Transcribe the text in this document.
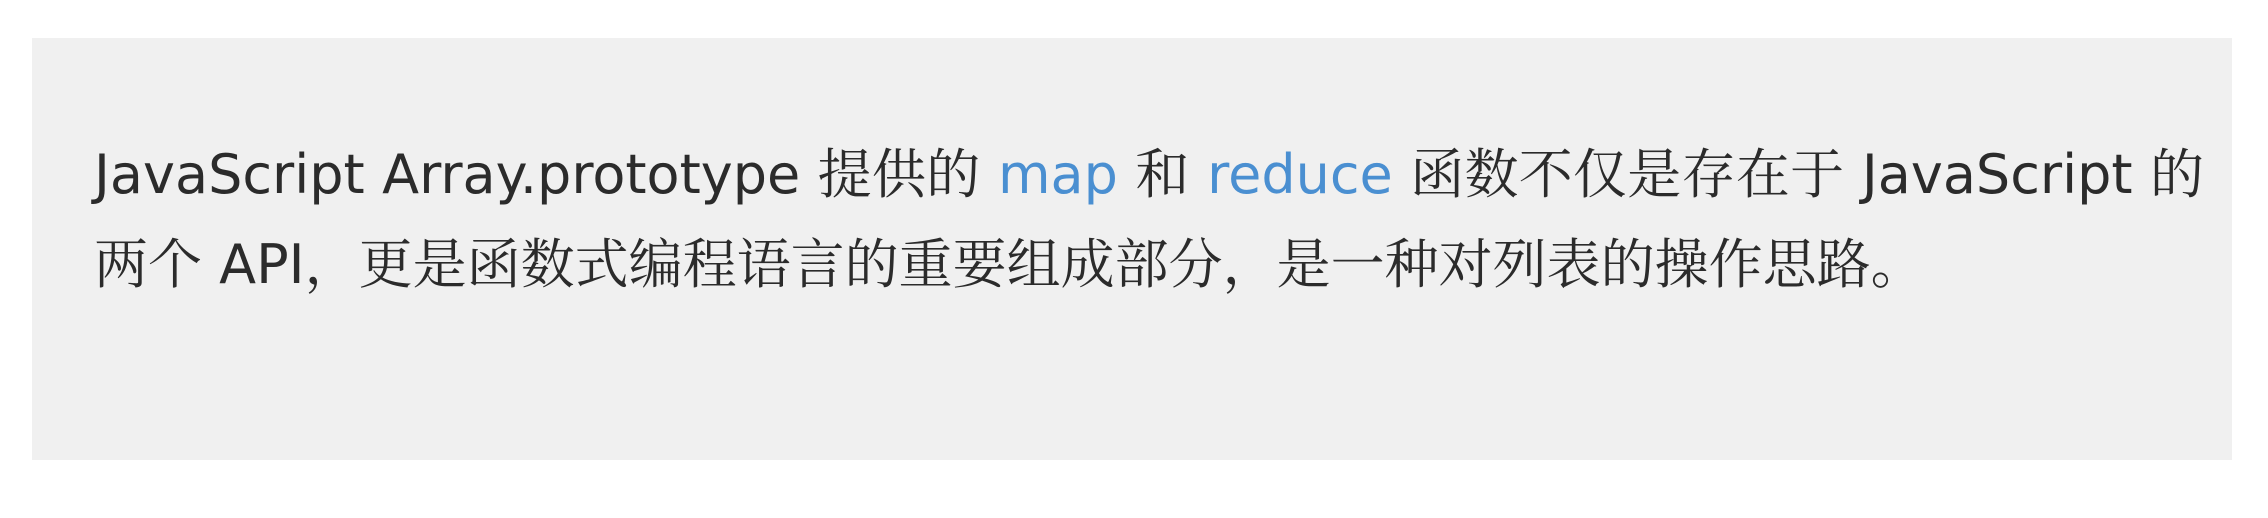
JavaScript Array.prototype 提供的 map 和 reduce 函数不仅是存在于 JavaScript 的两个 API，更是函数式编程语言的重要组成部分，是一种对列表的操作思路。
